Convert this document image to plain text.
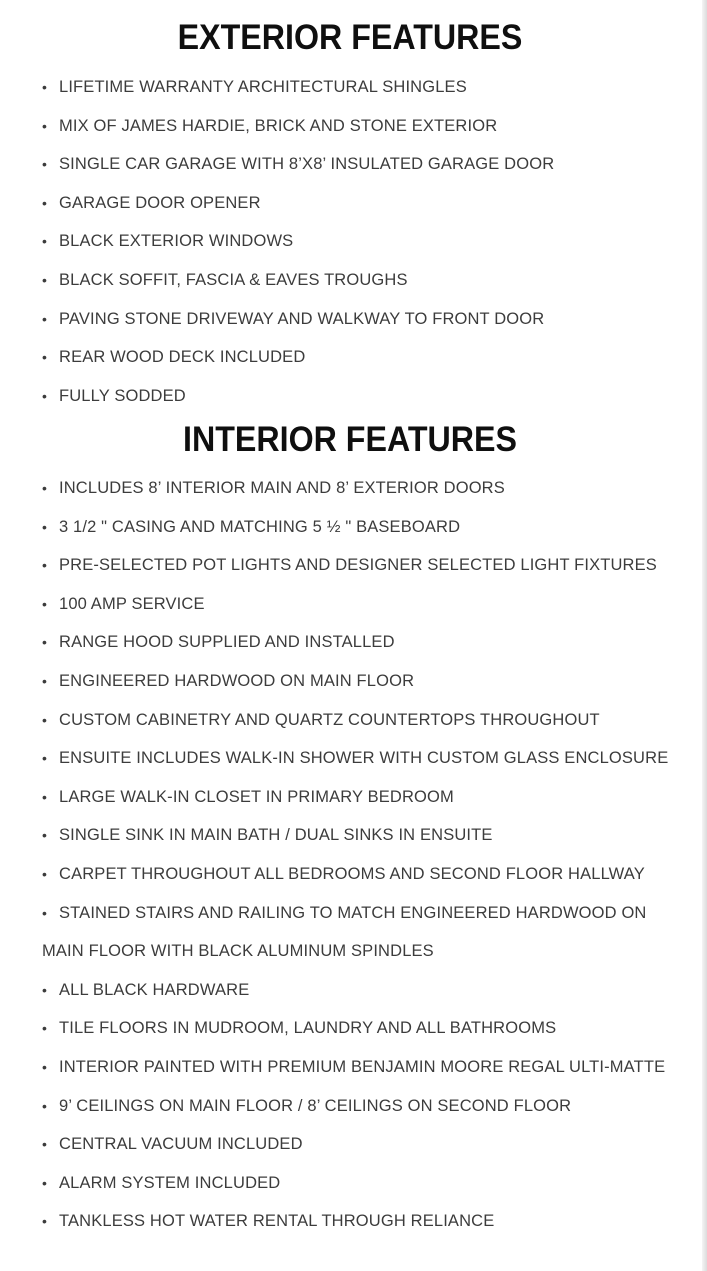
EXTERIOR FEATURES
• LIFETIME WARRANTY ARCHITECTURAL SHINGLES
• MIX OF JAMES HARDIE, BRICK AND STONE EXTERIOR
• SINGLE CAR GARAGE WITH 8’X8’ INSULATED GARAGE DOOR
• GARAGE DOOR OPENER
• BLACK EXTERIOR WINDOWS
• BLACK SOFFIT, FASCIA & EAVES TROUGHS
• PAVING STONE DRIVEWAY AND WALKWAY TO FRONT DOOR
• REAR WOOD DECK INCLUDED
• FULLY SODDED
INTERIOR FEATURES
• INCLUDES 8’ INTERIOR MAIN AND 8’ EXTERIOR DOORS
• 3 1/2 " CASING AND MATCHING 5 ½ " BASEBOARD
• PRE-SELECTED POT LIGHTS AND DESIGNER SELECTED LIGHT FIXTURES
• 100 AMP SERVICE
• RANGE HOOD SUPPLIED AND INSTALLED
• ENGINEERED HARDWOOD ON MAIN FLOOR
• CUSTOM CABINETRY AND QUARTZ COUNTERTOPS THROUGHOUT
• ENSUITE INCLUDES WALK-IN SHOWER WITH CUSTOM GLASS ENCLOSURE
• LARGE WALK-IN CLOSET IN PRIMARY BEDROOM
• SINGLE SINK IN MAIN BATH / DUAL SINKS IN ENSUITE
• CARPET THROUGHOUT ALL BEDROOMS AND SECOND FLOOR HALLWAY
• STAINED STAIRS AND RAILING TO MATCH ENGINEERED HARDWOOD ON
MAIN FLOOR WITH BLACK ALUMINUM SPINDLES
• ALL BLACK HARDWARE
• TILE FLOORS IN MUDROOM, LAUNDRY AND ALL BATHROOMS
• INTERIOR PAINTED WITH PREMIUM BENJAMIN MOORE REGAL ULTI-MATTE
• 9’ CEILINGS ON MAIN FLOOR / 8’ CEILINGS ON SECOND FLOOR
• CENTRAL VACUUM INCLUDED
• ALARM SYSTEM INCLUDED
• TANKLESS HOT WATER RENTAL THROUGH RELIANCE
